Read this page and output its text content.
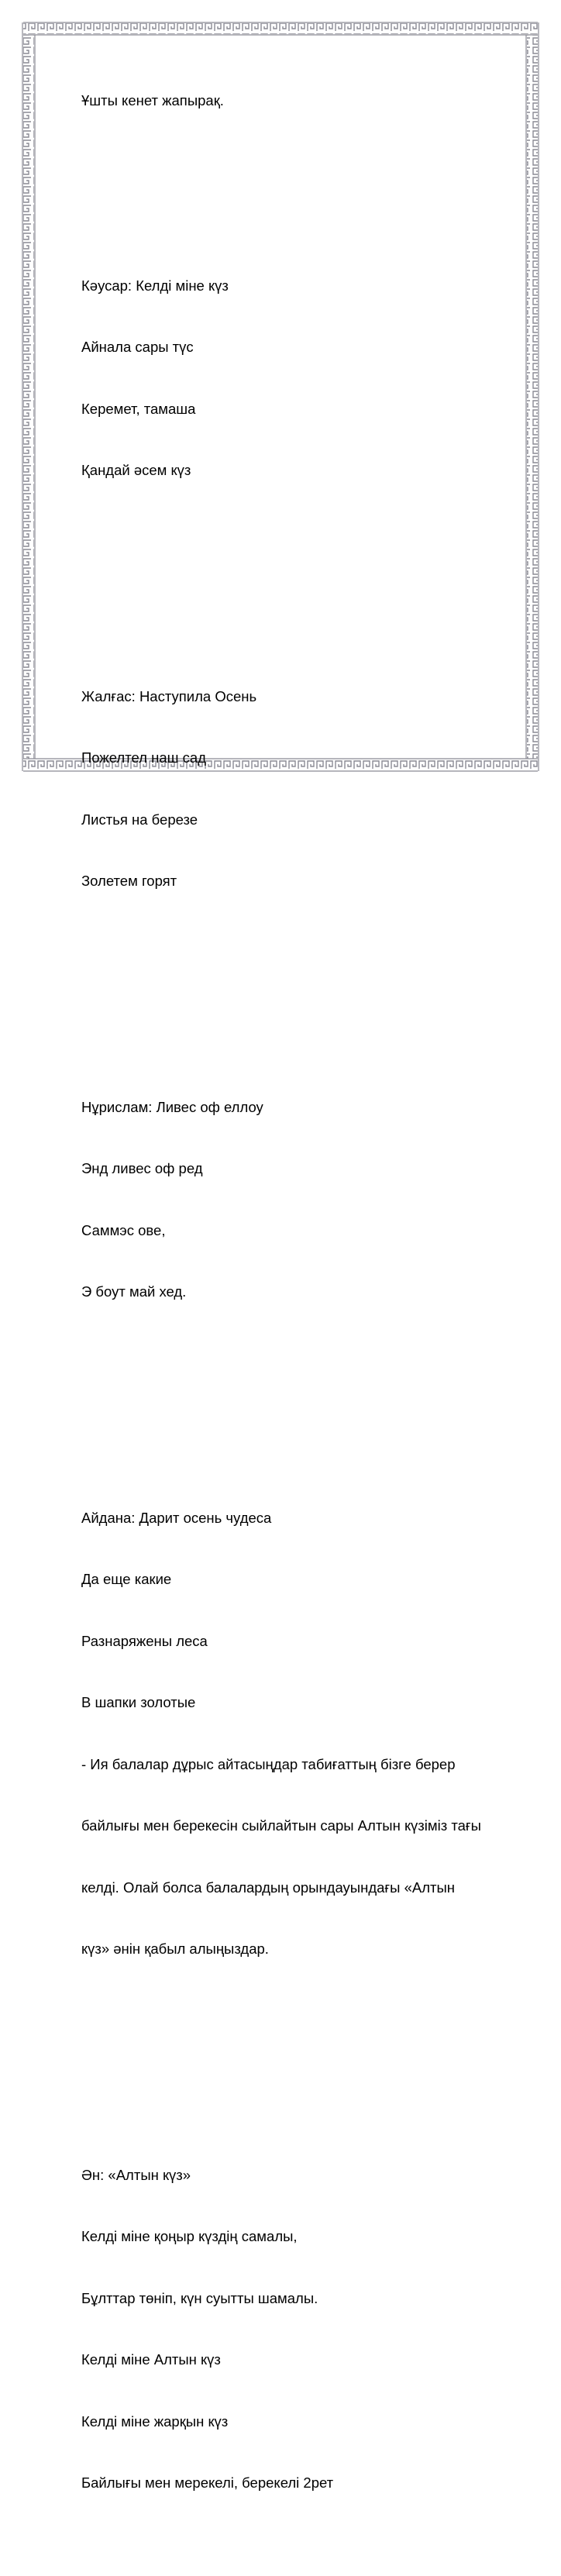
Ұшты кенет жапырақ.

Кәусар: Келді міне күз

Айнала сары түс

Керемет, тамаша

Қандай әсем күз

Жалғас: Наступила Осень

Пожелтел наш сад

Листья на березе

Золетем горят

Нұрислам: Ливес оф еллоу

Энд ливес оф ред

Саммэс ове,

Э боут май хед.

Айдана: Дарит осень чудеса

Да еще какие

Разнаряжены леса

В шапки золотые

- Ия балалар дұрыс айтасыңдар табиғаттың бізге берер

байлығы мен берекесін сыйлайтын сары Алтын күзіміз тағы

келді. Олай болса балалардың орындауындағы «Алтын

күз» әнін қабыл алыңыздар.

Ән: «Алтын күз»

Келді міне қоңыр күздің самалы,

Бұлттар төніп, күн суытты шамалы.

Келді міне Алтын күз

Келді міне жарқын күз

Байлығы мен мерекелі, берекелі 2рет
